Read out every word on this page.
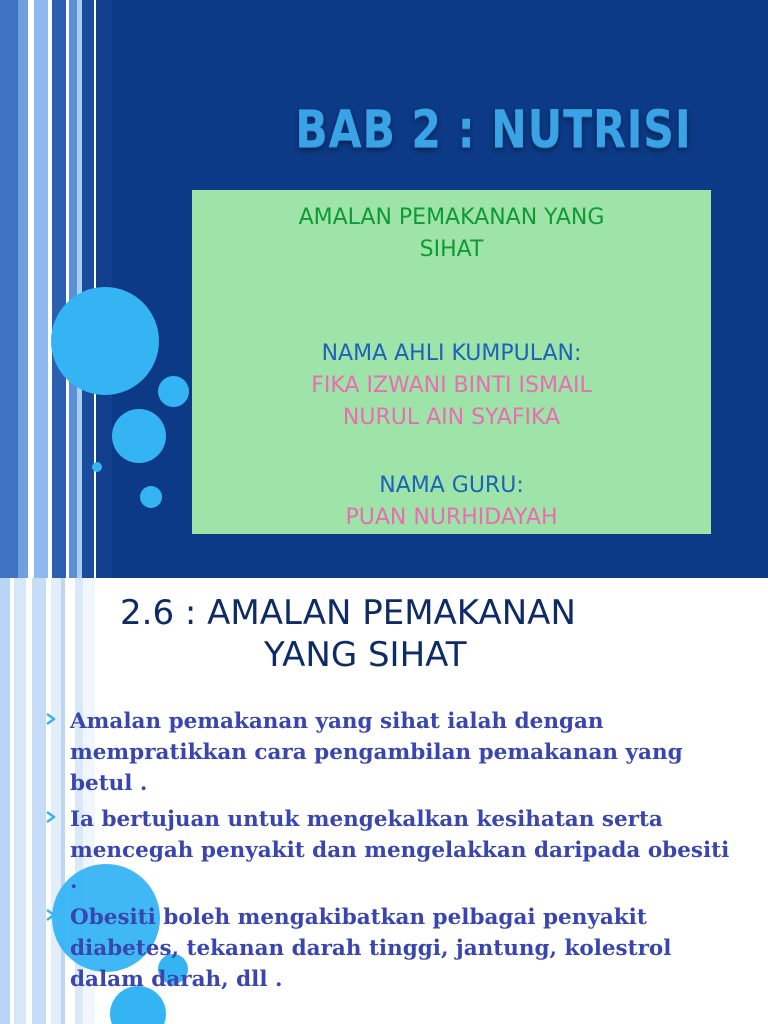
BAB 2 : NUTRISI
AMALAN PEMAKANAN YANG
SIHAT
NAMA AHLI KUMPULAN:
FIKA IZWANI BINTI ISMAIL
NURUL AIN SYAFIKA
NAMA GURU:
PUAN NURHIDAYAH
2.6 : AMALAN PEMAKANAN
YANG SIHAT
Amalan pemakanan yang sihat ialah dengan mempratikkan cara pengambilan pemakanan yang betul .
Ia bertujuan untuk mengekalkan kesihatan serta mencegah penyakit dan mengelakkan daripada obesiti .
Obesiti boleh mengakibatkan pelbagai penyakit diabetes, tekanan darah tinggi, jantung, kolestrol dalam darah, dll .
